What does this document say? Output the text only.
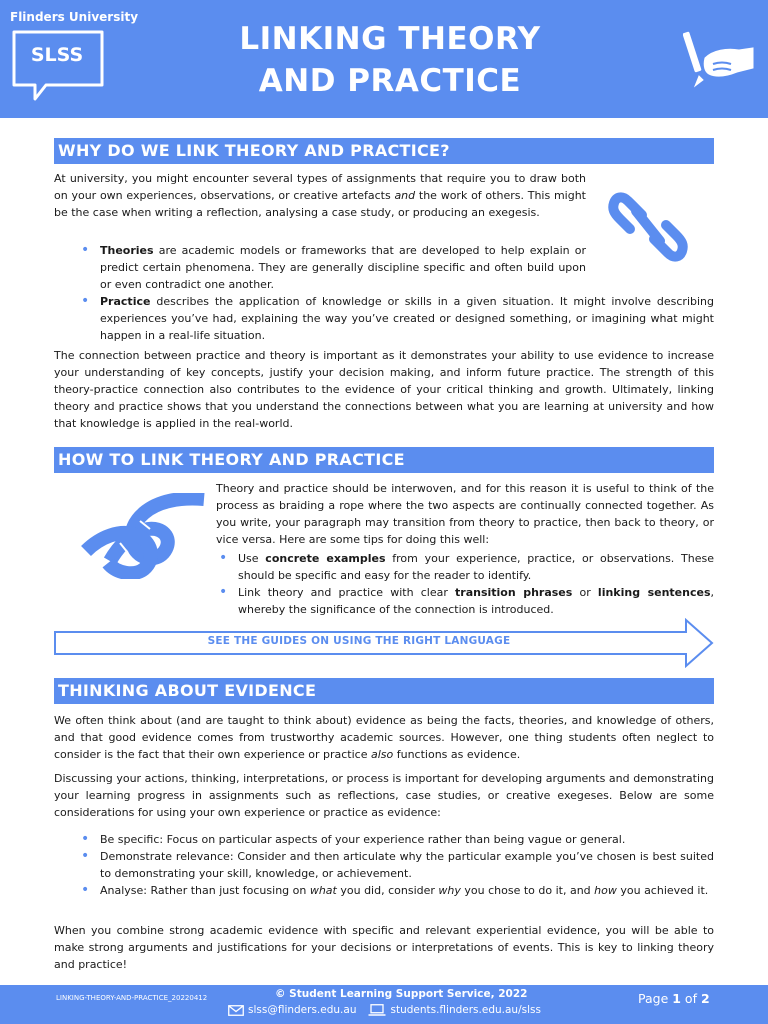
Flinders University
SLSS	LINKING THEORY
AND PRACTICE
WHY DO WE LINK THEORY AND PRACTICE?
At university, you might encounter several types of assignments that require you to draw both on your own experiences, observations, or creative artefacts and the work of others. This might be the case when writing a reflection, analysing a case study, or producing an exegesis.
• Theories are academic models or frameworks that are developed to help explain or predict certain phenomena. They are generally discipline specific and often build upon or even contradict one another.
• Practice describes the application of knowledge or skills in a given situation. It might involve describing experiences you’ve had, explaining the way you’ve created or designed something, or imagining what might happen in a real-life situation.
The connection between practice and theory is important as it demonstrates your ability to use evidence to increase your understanding of key concepts, justify your decision making, and inform future practice. The strength of this theory-practice connection also contributes to the evidence of your critical thinking and growth. Ultimately, linking theory and practice shows that you understand the connections between what you are learning at university and how that knowledge is applied in the real-world.
HOW TO LINK THEORY AND PRACTICE
Theory and practice should be interwoven, and for this reason it is useful to think of the process as braiding a rope where the two aspects are continually connected together. As you write, your paragraph may transition from theory to practice, then back to theory, or vice versa. Here are some tips for doing this well:
• Use concrete examples from your experience, practice, or observations. These should be specific and easy for the reader to identify.
• Link theory and practice with clear transition phrases or linking sentences, whereby the significance of the connection is introduced.
SEE THE GUIDES ON USING THE RIGHT LANGUAGE
THINKING ABOUT EVIDENCE
We often think about (and are taught to think about) evidence as being the facts, theories, and knowledge of others, and that good evidence comes from trustworthy academic sources. However, one thing students often neglect to consider is the fact that their own experience or practice also functions as evidence.
Discussing your actions, thinking, interpretations, or process is important for developing arguments and demonstrating your learning progress in assignments such as reflections, case studies, or creative exegeses. Below are some considerations for using your own experience or practice as evidence:
• Be specific: Focus on particular aspects of your experience rather than being vague or general.
• Demonstrate relevance: Consider and then articulate why the particular example you’ve chosen is best suited to demonstrating your skill, knowledge, or achievement.
• Analyse: Rather than just focusing on what you did, consider why you chose to do it, and how you achieved it.
When you combine strong academic evidence with specific and relevant experiential evidence, you will be able to make strong arguments and justifications for your decisions or interpretations of events. This is key to linking theory and practice!
LINKING-THEORY-AND-PRACTICE_20220412	© Student Learning Support Service, 2022
slss@flinders.edu.au	students.flinders.edu.au/slss
Page 1 of 2
